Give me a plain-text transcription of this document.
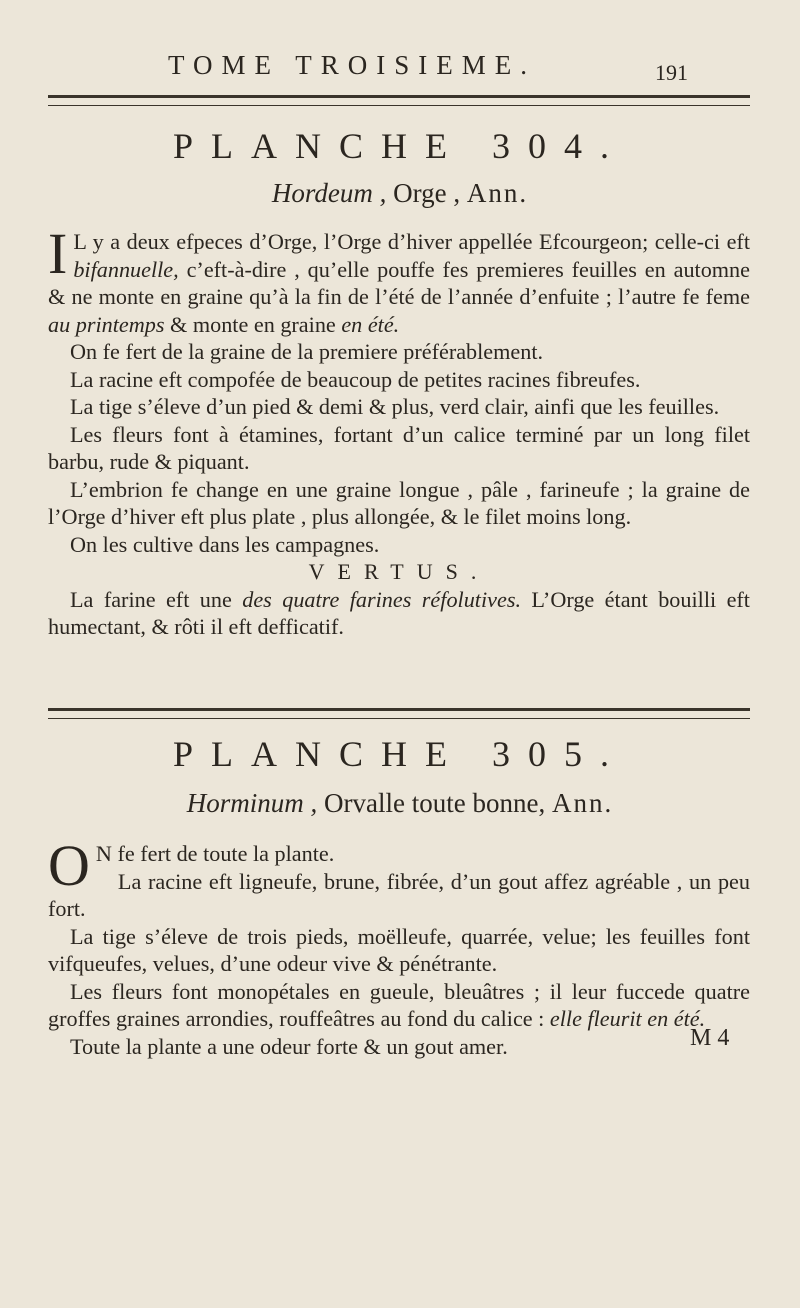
TOME TROISIEME.	191
PLANCHE 304.
Hordeum , Orge , Ann.

I L y a deux efpeces d’Orge, l’Orge d’hiver appellée Efcourgeon; celle-ci eft bifannuelle, c’eft-à-dire , qu’elle pouffe fes premieres feuilles en automne & ne monte en graine qu’à la fin de l’été de l’année d’enfuite ; l’autre fe feme au printemps & monte en graine en été.

On fe fert de la graine de la premiere préférablement.

La racine eft compofée de beaucoup de petites racines fibreufes.

La tige s’éleve d’un pied & demi & plus, verd clair, ainfi que les feuilles.

Les fleurs font à étamines, fortant d’un calice terminé par un long filet barbu, rude & piquant.

L’embrion fe change en une graine longue , pâle , farineufe ; la graine de l’Orge d’hiver eft plus plate , plus allongée, & le filet moins long.

On les cultive dans les campagnes.

VERTUS.

La farine eft une des quatre farines réfolutives. L’Orge étant bouilli eft humectant, & rôti il eft defficatif.

PLANCHE 305.
Horminum , Orvalle toute bonne, Ann.

O N fe fert de toute la plante.

La racine eft ligneufe, brune, fibrée, d’un gout affez agréable , un peu fort.

La tige s’éleve de trois pieds, moëlleufe, quarrée, velue; les feuilles font vifqueufes, velues, d’une odeur vive & pénétrante.

Les fleurs font monopétales en gueule, bleuâtres ; il leur fuccede quatre groffes graines arrondies, rouffeâtres au fond du calice : elle fleurit en été.

Toute la plante a une odeur forte & un gout amer.	M 4
